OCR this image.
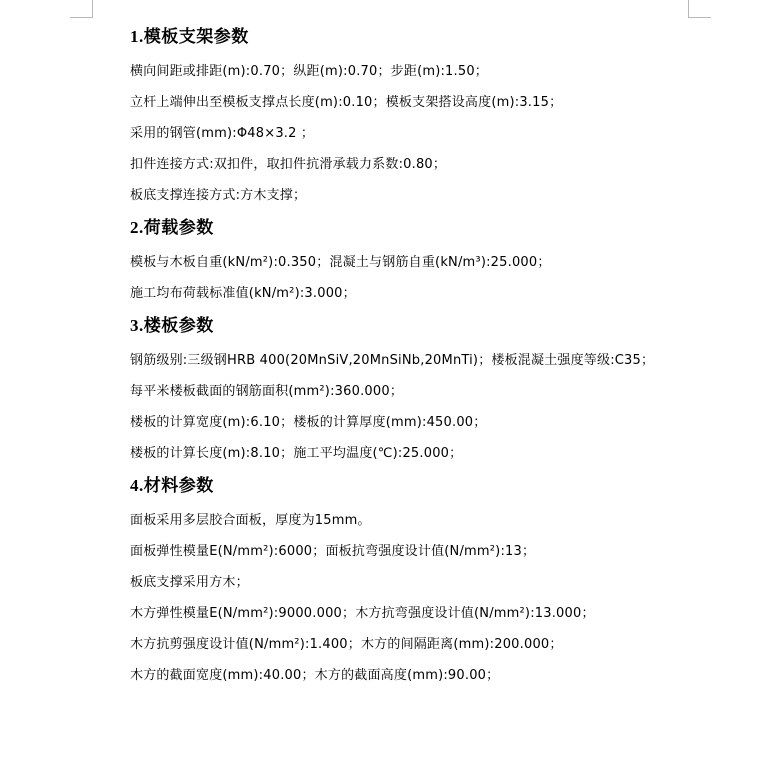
1.模板支架参数
横向间距或排距(m):0.70；纵距(m):0.70；步距(m):1.50；
立杆上端伸出至模板支撑点长度(m):0.10；模板支架搭设高度(m):3.15；
采用的钢管(mm):Φ48×3.2 ；
扣件连接方式:双扣件，取扣件抗滑承载力系数:0.80；
板底支撑连接方式:方木支撑；
2.荷载参数
模板与木板自重(kN/m²):0.350；混凝土与钢筋自重(kN/m³):25.000；
施工均布荷载标准值(kN/m²):3.000；
3.楼板参数
钢筋级别:三级钢HRB 400(20MnSiV,20MnSiNb,20MnTi)；楼板混凝土强度等级:C35；
每平米楼板截面的钢筋面积(mm²):360.000；
楼板的计算宽度(m):6.10；楼板的计算厚度(mm):450.00；
楼板的计算长度(m):8.10；施工平均温度(℃):25.000；
4.材料参数
面板采用多层胶合面板，厚度为15mm。
面板弹性模量E(N/mm²):6000；面板抗弯强度设计值(N/mm²):13；
板底支撑采用方木；
木方弹性模量E(N/mm²):9000.000；木方抗弯强度设计值(N/mm²):13.000；
木方抗剪强度设计值(N/mm²):1.400；木方的间隔距离(mm):200.000；
木方的截面宽度(mm):40.00；木方的截面高度(mm):90.00；
